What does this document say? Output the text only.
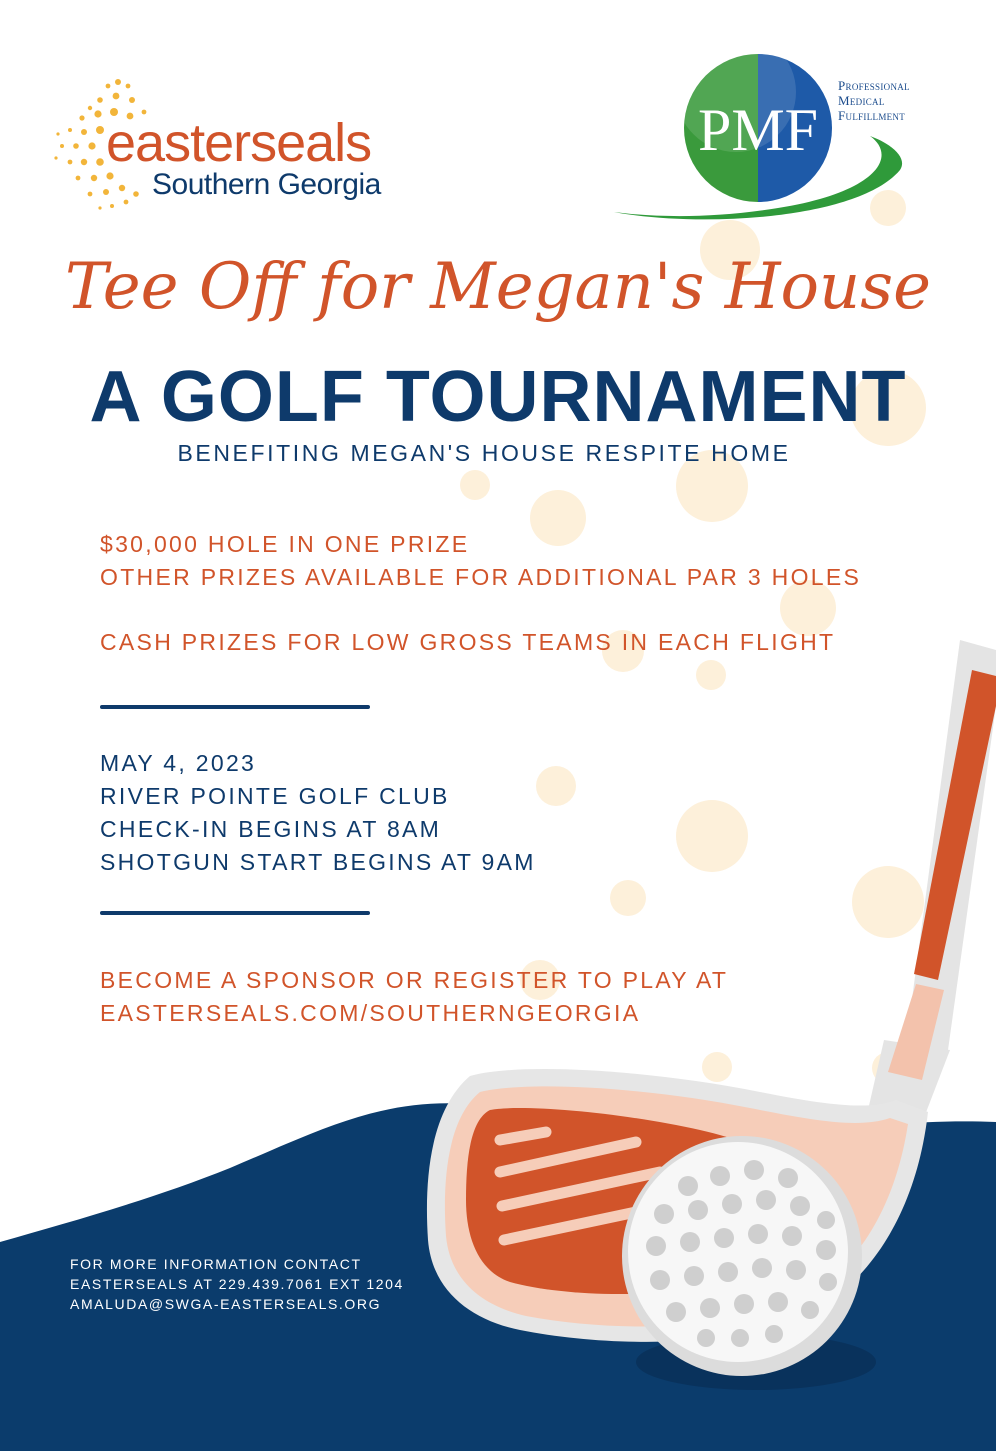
easterseals
Southern Georgia
PMF
Professional
Medical
Fulfillment
Tee Off for Megan's House
A GOLF TOURNAMENT
BENEFITING MEGAN'S HOUSE RESPITE HOME
$30,000 HOLE IN ONE PRIZE
OTHER PRIZES AVAILABLE FOR ADDITIONAL PAR 3 HOLES
CASH PRIZES FOR LOW GROSS TEAMS IN EACH FLIGHT
MAY 4, 2023
RIVER POINTE GOLF CLUB
CHECK-IN BEGINS AT 8AM
SHOTGUN START BEGINS AT 9AM
BECOME A SPONSOR OR REGISTER TO PLAY AT
EASTERSEALS.COM/SOUTHERNGEORGIA
FOR MORE INFORMATION CONTACT
EASTERSEALS AT 229.439.7061 EXT 1204
AMALUDA@SWGA-EASTERSEALS.ORG
